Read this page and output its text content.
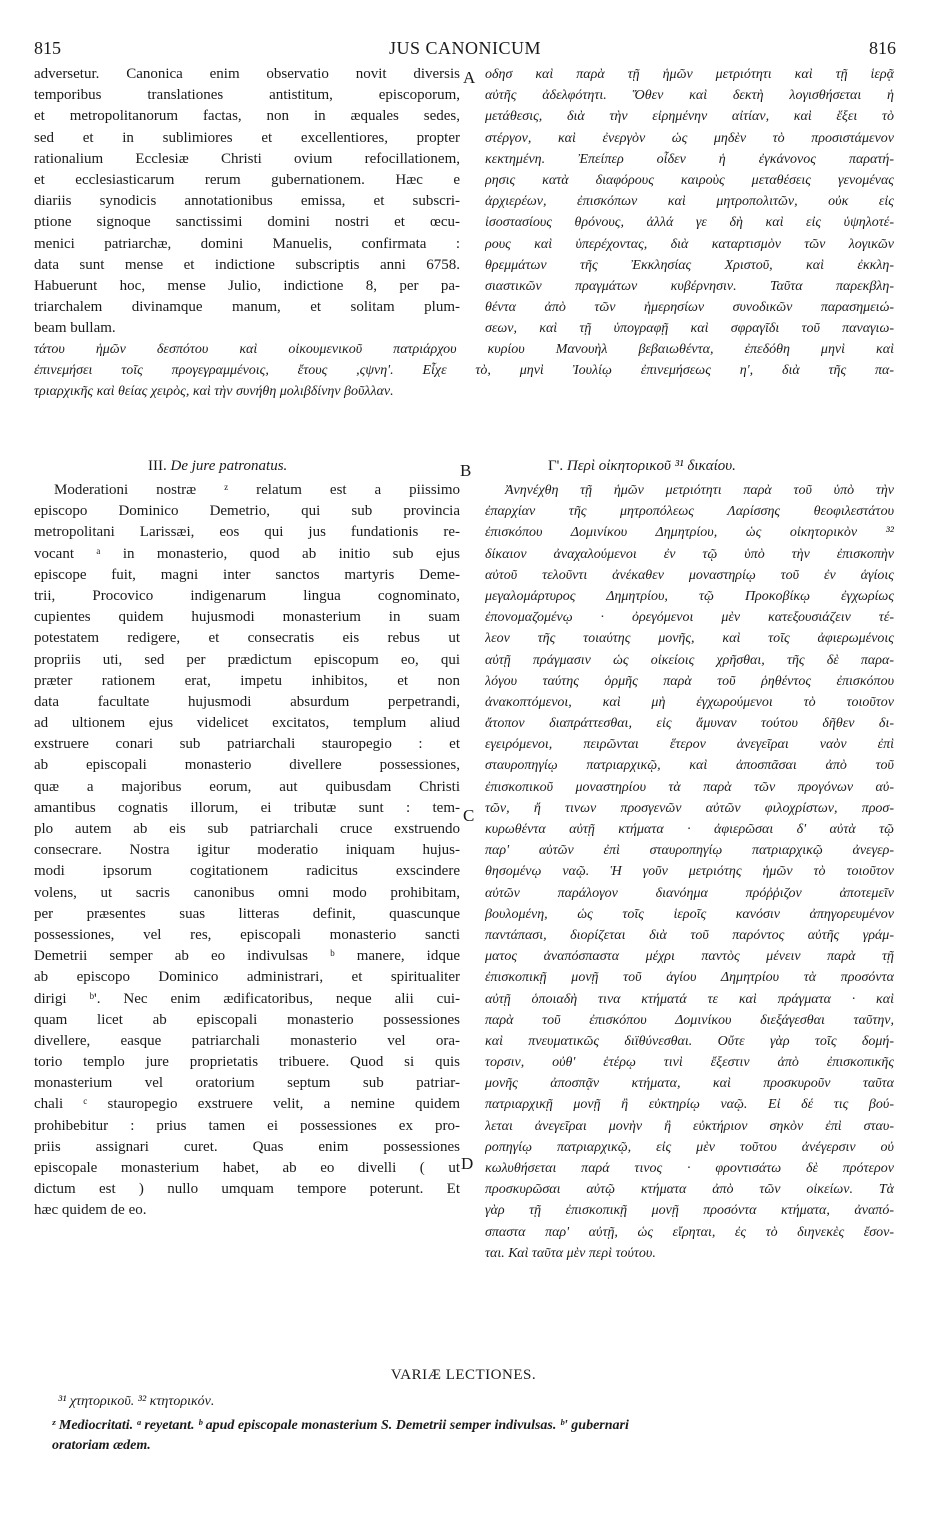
815	JUS CANONICUM	816
A
B
C
D
adversetur. Canonica enim observatio novit diversis
temporibus translationes antistitum, episcoporum,
et metropolitanorum factas, non in æquales sedes,
sed et in sublimiores et excellentiores, propter
rationalium Ecclesiæ Christi ovium refocillationem,
et ecclesiasticarum rerum gubernationem. Hæc e
diariis synodicis annotationibus emissa, et subscri-
ptione signoque sanctissimi domini nostri et œcu-
menici patriarchæ, domini Manuelis, confirmata :
data sunt mense et indictione subscriptis anni 6758.
Habuerunt hoc, mense Julio, indictione 8, per pa-
triarchalem divinamque manum, et solitam plum-
beam bullam.
οδησ καὶ παρὰ τῇ ἡμῶν μετριότητι καὶ τῇ ἱερᾷ
αὐτῆς ἀδελφότητι. Ὅθεν καὶ δεκτὴ λογισθήσεται ἡ
μετάθεσις, διὰ τὴν εἰρημένην αἰτίαν, καὶ ἕξει τὸ
στέργον, καὶ ἐνεργὸν ὡς μηδὲν τὸ προσιστάμενον
κεκτημένη. Ἐπείπερ οἶδεν ἡ ἐγκάνονος παρατή-
ρησις κατὰ διαφόρους καιροὺς μεταθέσεις γενομένας
ἀρχιερέων, ἐπισκόπων καὶ μητροπολιτῶν, οὐκ εἰς
ἰσοστασίους θρόνους, ἀλλά γε δὴ καὶ εἰς ὑψηλοτέ-
ρους καὶ ὑπερέχοντας, διὰ καταρτισμὸν τῶν λογικῶν
θρεμμάτων τῆς Ἐκκλησίας Χριστοῦ, καὶ ἐκκλη-
σιαστικῶν πραγμάτων κυβέρνησιν. Ταῦτα παρεκβλη-
θέντα ἀπὸ τῶν ἡμερησίων συνοδικῶν παρασημειώ-
σεων, καὶ τῇ ὑπογραφῇ καὶ σφραγῖδι τοῦ παναγιω-
τάτου ἡμῶν δεσπότου καὶ οἰκουμενικοῦ πατριάρχου κυρίου Μανουὴλ βεβαιωθέντα, ἐπεδόθη μηνὶ καὶ
ἐπινεμήσει τοῖς προγεγραμμένοις, ἔτους ,ςψνη'. Εἶχε τὸ, μηνὶ Ἰουλίῳ ἐπινεμήσεως η', διὰ τῆς πα-
τριαρχικῆς καὶ θείας χειρὸς, καὶ τὴν συνήθη μολιβδίνην βοῦλλαν.
III. De jure patronatus.	Γ'. Περὶ οἰκητορικοῦ ³¹ δικαίου.
Moderationi nostræ ᶻ relatum est a piissimo
episcopo Dominico Demetrio, qui sub provincia
metropolitani Larissæi, eos qui jus fundationis re-
vocant ᵃ in monasterio, quod ab initio sub ejus
episcope fuit, magni inter sanctos martyris Deme-
trii, Procovico indigenarum lingua cognominato,
cupientes quidem hujusmodi monasterium in suam
potestatem redigere, et consecratis eis rebus ut
propriis uti, sed per prædictum episcopum eo, qui
præter rationem erat, impetu inhibitos, et non
data facultate hujusmodi absurdum perpetrandi,
ad ultionem ejus videlicet excitatos, templum aliud
exstruere conari sub patriarchali stauropegio : et
ab episcopali monasterio divellere possessiones,
quæ a majoribus eorum, aut quibusdam Christi
amantibus cognatis illorum, ei tributæ sunt : tem-
plo autem ab eis sub patriarchali cruce exstruendo
consecrare. Nostra igitur moderatio iniquam hujus-
modi ipsorum cogitationem radicitus exscindere
volens, ut sacris canonibus omni modo prohibitam,
per præsentes suas litteras definit, quascunque
possessiones, vel res, episcopali monasterio sancti
Demetrii semper ab eo indivulsas ᵇ manere, idque
ab episcopo Dominico administrari, et spiritualiter
dirigi ᵇ'. Nec enim ædificatoribus, neque alii cui-
quam licet ab episcopali monasterio possessiones
divellere, easque patriarchali monasterio vel ora-
torio templo jure proprietatis tribuere. Quod si quis
monasterium vel oratorium septum sub patriar-
chali ᶜ stauropegio exstruere velit, a nemine quidem
prohibebitur : prius tamen ei possessiones ex pro-
priis assignari curet. Quas enim possessiones
episcopale monasterium habet, ab eo divelli ( ut
dictum est ) nullo umquam tempore poterunt. Et
hæc quidem de eo.
Ἀνηνέχθη τῇ ἡμῶν μετριότητι παρὰ τοῦ ὑπὸ τὴν
ἐπαρχίαν τῆς μητροπόλεως Λαρίσσης θεοφιλεστάτου
ἐπισκόπου Δομινίκου Δημητρίου, ὡς οἰκητορικὸν ³²
δίκαιον ἀναχαλούμενοι ἐν τῷ ὑπὸ τὴν ἐπισκοπὴν
αὐτοῦ τελοῦντι ἀνέκαθεν μοναστηρίῳ τοῦ ἐν ἁγίοις
μεγαλομάρτυρος Δημητρίου, τῷ Προκοβίκῳ ἐγχωρίως
ἐπονομαζομένῳ · ὀρεγόμενοι μὲν κατεξουσιάζειν τέ-
λεον τῆς τοιαύτης μονῆς, καὶ τοῖς ἀφιερωμένοις
αὐτῇ πράγμασιν ὡς οἰκείοις χρῆσθαι, τῆς δὲ παρα-
λόγου ταύτης ὁρμῆς παρὰ τοῦ ῥηθέντος ἐπισκόπου
ἀνακοπτόμενοι, καὶ μὴ ἐγχωρούμενοι τὸ τοιοῦτον
ἄτοπον διαπράττεσθαι, εἰς ἄμυναν τούτου δῆθεν δι-
εγειρόμενοι, πειρῶνται ἕτερον ἀνεγεῖραι ναὸν ἐπὶ
σταυροπηγίῳ πατριαρχικῷ, καὶ ἀποσπᾶσαι ἀπὸ τοῦ
ἐπισκοπικοῦ μοναστηρίου τὰ παρὰ τῶν προγόνων αὐ-
τῶν, ἤ τινων προσγενῶν αὐτῶν φιλοχρίστων, προσ-
κυρωθέντα αὐτῇ κτήματα · ἀφιερῶσαι δ' αὐτὰ τῷ
παρ' αὐτῶν ἐπὶ σταυροπηγίῳ πατριαρχικῷ ἀνεγερ-
θησομένῳ ναῷ. Ἡ γοῦν μετριότης ἡμῶν τὸ τοιοῦτον
αὐτῶν παράλογον διανόημα πρόῤῥιζον ἀποτεμεῖν
βουλομένη, ὡς τοῖς ἱεροῖς κανόσιν ἀπηγορευμένον
παντάπασι, διορίζεται διὰ τοῦ παρόντος αὐτῆς γράμ-
ματος ἀναπόσπαστα μέχρι παντὸς μένειν παρὰ τῇ
ἐπισκοπικῇ μονῇ τοῦ ἁγίου Δημητρίου τὰ προσόντα
αὐτῇ ὁποιαδὴ τινα κτήματά τε καὶ πράγματα · καὶ
παρὰ τοῦ ἐπισκόπου Δομινίκου διεξάγεσθαι ταῦτην,
καὶ πνευματικῶς διϊθύνεσθαι. Οὔτε γὰρ τοῖς δομή-
τορσιν, οὐθ' ἑτέρῳ τινὶ ἔξεστιν ἀπὸ ἐπισκοπικῆς
μονῆς ἀποσπᾷν κτήματα, καὶ προσκυροῦν ταῦτα
πατριαρχικῇ μονῇ ἢ εὐκτηρίῳ ναῷ. Εἰ δέ τις βού-
λεται ἀνεγεῖραι μονὴν ἢ εὐκτήριον σηκὸν ἐπὶ σταυ-
ροπηγίῳ πατριαρχικῷ, εἰς μὲν τοῦτου ἀνέγερσιν οὐ
κωλυθήσεται παρά τινος · φροντισάτω δὲ πρότερον
προσκυρῶσαι αὐτῷ κτήματα ἀπὸ τῶν οἰκείων. Τὰ
γὰρ τῇ ἐπισκοπικῇ μονῇ προσόντα κτήματα, ἀναπό-
σπαστα παρ' αὐτῇ, ὡς εἴρηται, ἐς τὸ διηνεκὲς ἔσον-
ται. Καὶ ταῦτα μὲν περὶ τούτου.
VARIÆ LECTIONES.
³¹ χτητορικοῦ. ³² κτητορικόν.
ᶻ Mediocritati. ᵃ reyetant. ᵇ apud episcopale monasterium S. Demetrii semper indivulsas. ᵇ' gubernari
oratoriam ædem.
